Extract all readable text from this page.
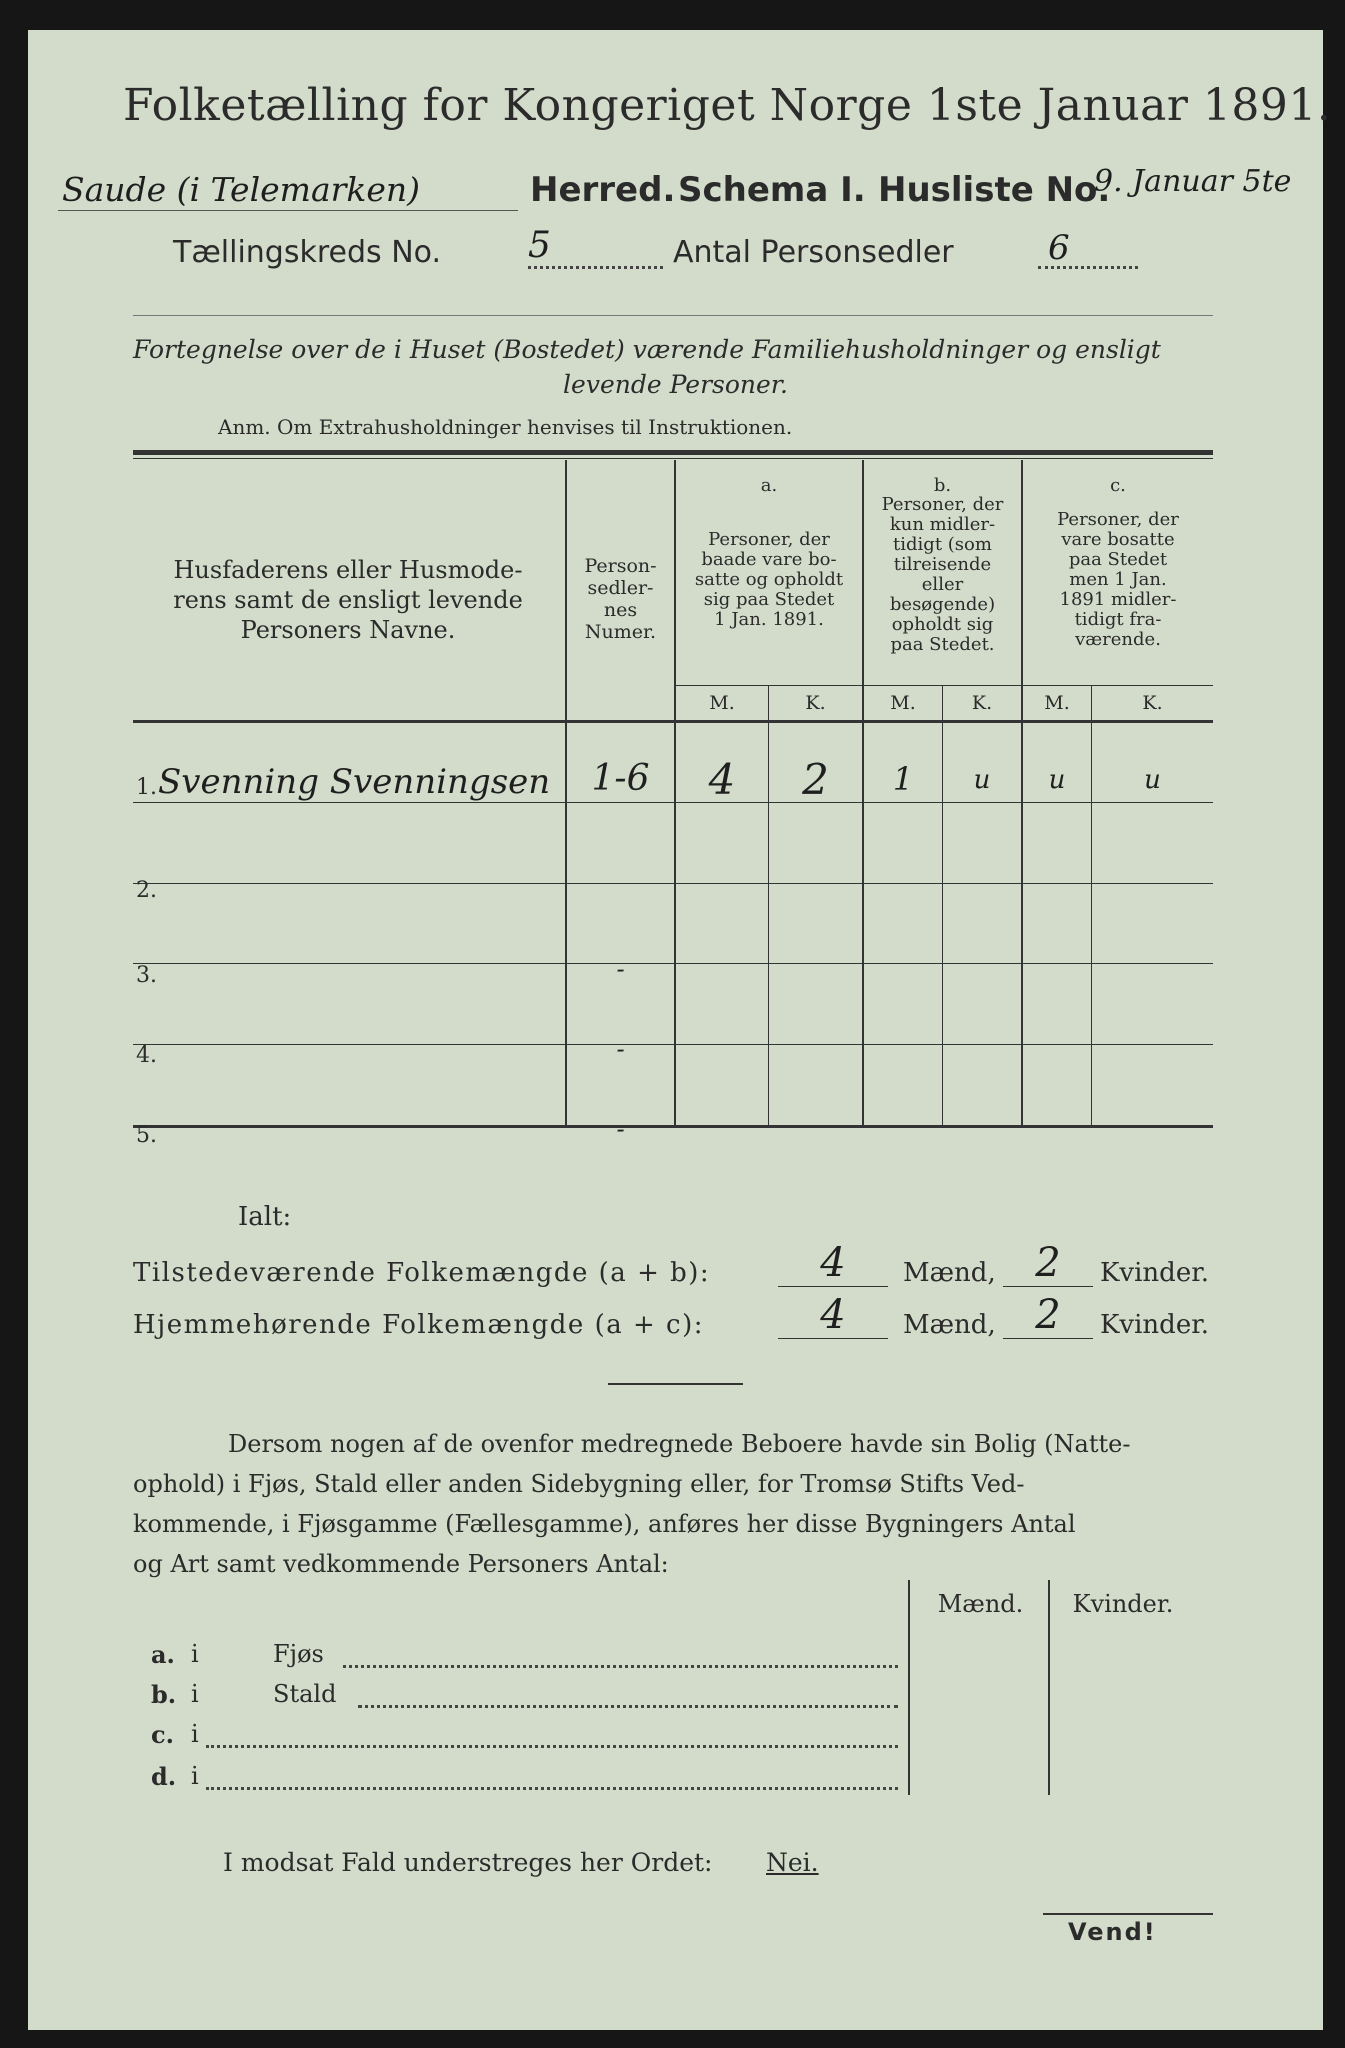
Folketælling for Kongeriget Norge 1ste Januar 1891.
Saude (i Telemarken)	Herred. Schema I. Husliste No.
9. Januar 5te
Tællingskreds No. 5	Antal Personsedler	6
Fortegnelse over de i Huset (Bostedet) værende Familiehusholdninger og ensligt
levende Personer.
Anm. Om Extrahusholdninger henvises til Instruktionen.
Husfaderens eller Husmode-
rens samt de ensligt levende
Personers Navne.
Person-
sedler-
nes
Numer.
a.
Personer, der
baade vare bo-
satte og opholdt
sig paa Stedet
1 Jan. 1891.
b.
Personer, der
kun midler-
tidigt (som
tilreisende
eller
besøgende)
opholdt sig
paa Stedet.
c.
Personer, der
vare bosatte
paa Stedet
men 1 Jan.
1891 midler-
tidigt fra-
værende.
M.	K.	M.	K.	M.	K.
1. Svenning Svenningsen	1-6	4	2	1	u	u	u
2.
3.	-
4.	-
5.	-
Ialt:
Tilstedeværende Folkemængde (a + b):	4	Mænd, 2	Kvinder.
Hjemmehørende Folkemængde (a + c):	4	Mænd, 2	Kvinder.
Dersom nogen af de ovenfor medregnede Beboere havde sin Bolig (Natte-
ophold) i Fjøs, Stald eller anden Sidebygning eller, for Tromsø Stifts Ved-
kommende, i Fjøsgamme (Fællesgamme), anføres her disse Bygningers Antal
og Art samt vedkommende Personers Antal:
Mænd.	Kvinder.
a. i	Fjøs
b. i	Stald
c. i
d. i
I modsat Fald understreges her Ordet: Nei.
Vend!
